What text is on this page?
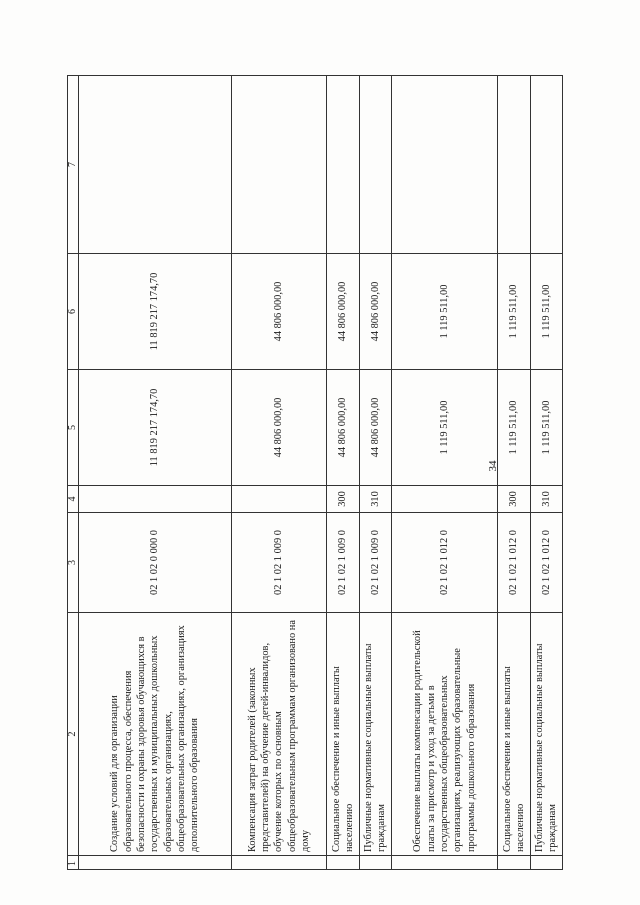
34
1	2	3	4	5	6	7
	Создание условий для организации образовательного процесса, обеспечения безопасности и охраны здоровья обучающихся в государственных и муниципальных дошкольных образовательных организациях, общеобразовательных организациях, организациях дополнительного образования	02 1 02 0 000 0		11 819 217 174,70	11 819 217 174,70	
	Компенсация затрат родителей (законных представителей) на обучение детей-инвалидов, обучение которых по основным общеобразовательным программам организовано на дому	02 1 02 1 009 0		44 806 000,00	44 806 000,00	
	Социальное обеспечение и иные выплаты населению	02 1 02 1 009 0	300	44 806 000,00	44 806 000,00	
	Публичные нормативные социальные выплаты гражданам	02 1 02 1 009 0	310	44 806 000,00	44 806 000,00	
	Обеспечение выплаты компенсации родительской платы за присмотр и уход за детьми в государственных общеобразовательных организациях, реализующих образовательные программы дошкольного образования	02 1 02 1 012 0		1 119 511,00	1 119 511,00	
	Социальное обеспечение и иные выплаты населению	02 1 02 1 012 0	300	1 119 511,00	1 119 511,00	
	Публичные нормативные социальные выплаты гражданам	02 1 02 1 012 0	310	1 119 511,00	1 119 511,00	
